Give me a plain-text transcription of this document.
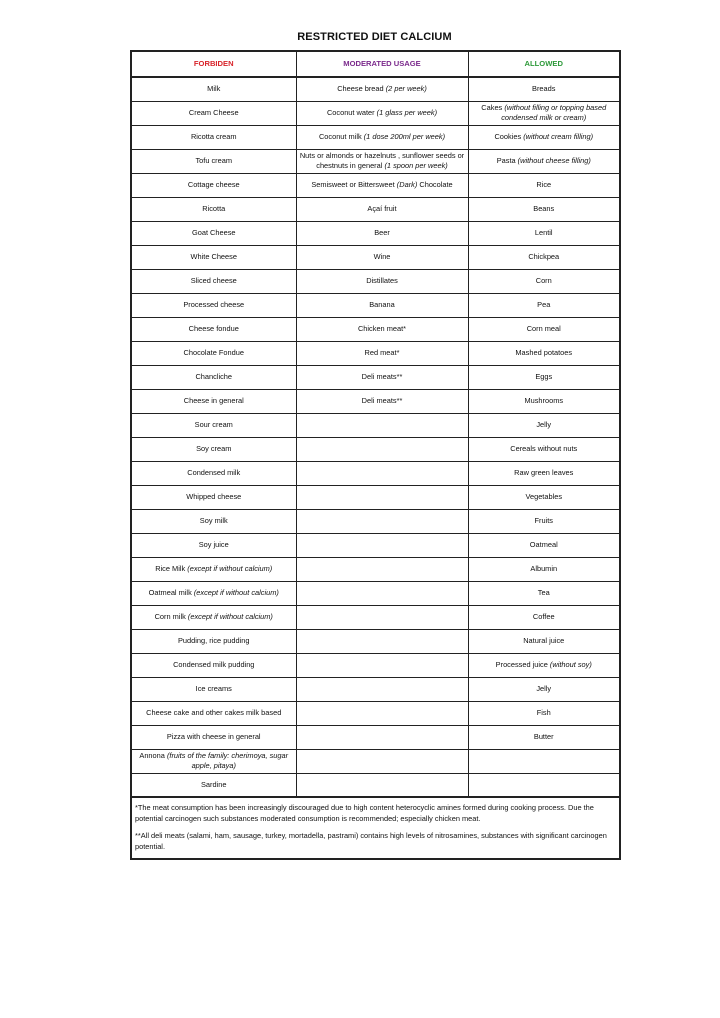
RESTRICTED DIET CALCIUM
FORBIDEN	MODERATED USAGE	ALLOWED
Milk	Cheese bread (2 per week)	Breads
Cream Cheese	Coconut water (1 glass per week)	Cakes (without filling or topping based condensed milk or cream)
Ricotta cream	Coconut milk (1 dose 200ml per week)	Cookies (without cream filling)
Tofu cream	Nuts or almonds or hazelnuts , sunflower seeds or chestnuts in general (1 spoon per week)	Pasta (without cheese filling)
Cottage cheese	Semisweet or Bittersweet (Dark) Chocolate	Rice
Ricotta	Açaí fruit	Beans
Goat Cheese	Beer	Lentil
White Cheese	Wine	Chickpea
Sliced cheese	Distillates	Corn
Processed cheese	Banana	Pea
Cheese fondue	Chicken meat*	Corn meal
Chocolate Fondue	Red meat*	Mashed potatoes
Chancliche	Deli meats**	Eggs
Cheese in general	Deli meats**	Mushrooms
Sour cream		Jelly
Soy cream		Cereals without nuts
Condensed milk		Raw green leaves
Whipped cheese		Vegetables
Soy milk		Fruits
Soy juice		Oatmeal
Rice Milk (except if without calcium)		Albumin
Oatmeal milk (except if without calcium)		Tea
Corn milk (except if without calcium)		Coffee
Pudding, rice pudding		Natural juice
Condensed milk pudding		Processed juice (without soy)
Ice creams		Jelly
Cheese cake and other cakes milk based		Fish
Pizza with cheese in general		Butter
Annona (fruits of the family: cherimoya, sugar apple, pitaya)		
Sardine		

*The meat consumption has been increasingly discouraged due to high content heterocyclic amines formed during cooking process. Due the potential carcinogen such substances moderated consumption is recommended; especially chicken meat.

**All deli meats (salami, ham, sausage, turkey, mortadella, pastrami) contains high levels of nitrosamines, substances with significant carcinogen potential.		
